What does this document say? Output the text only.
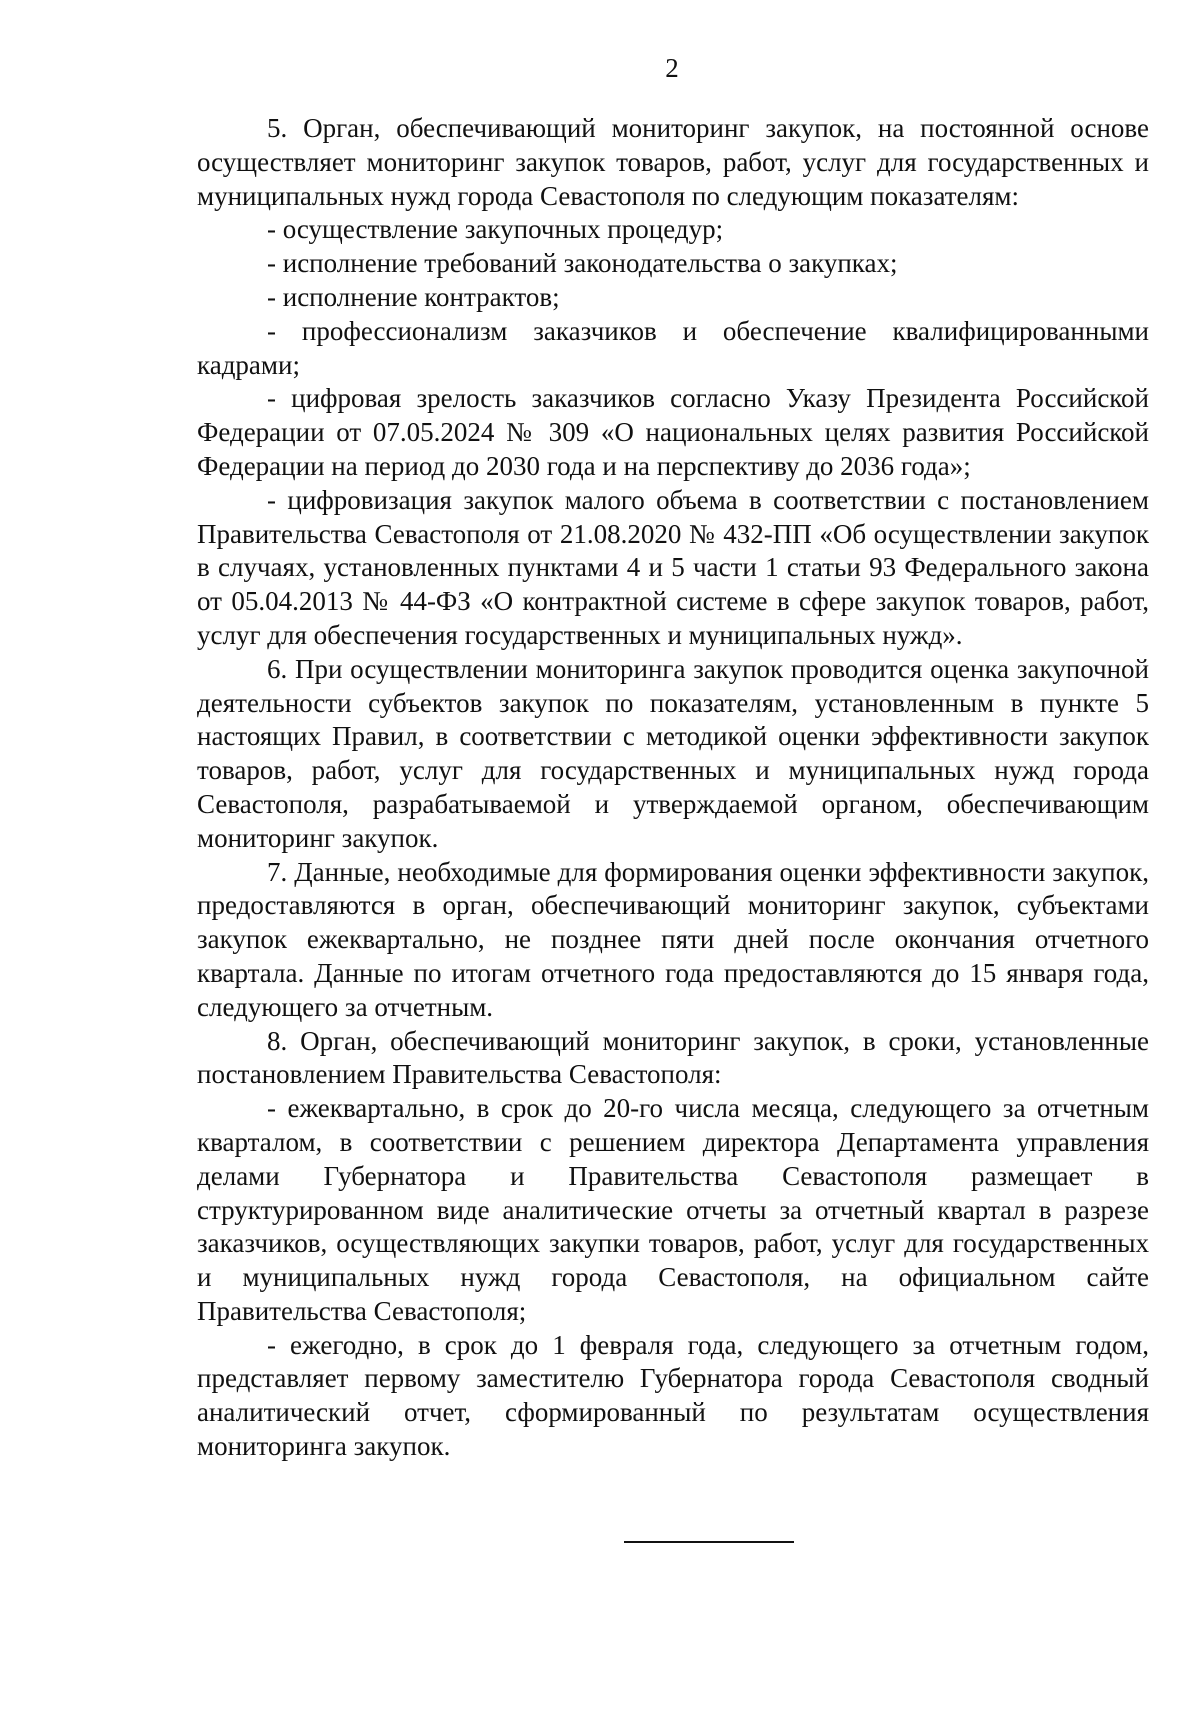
2

5. Орган, обеспечивающий мониторинг закупок, на постоянной основе осуществляет мониторинг закупок товаров, работ, услуг для государственных и муниципальных нужд города Севастополя по следующим показателям:

- осуществление закупочных процедур;

- исполнение требований законодательства о закупках;

- исполнение контрактов;

- профессионализм заказчиков и обеспечение квалифицированными кадрами;

- цифровая зрелость заказчиков согласно Указу Президента Российской Федерации от 07.05.2024 № 309 «О национальных целях развития Российской Федерации на период до 2030 года и на перспективу до 2036 года»;

- цифровизация закупок малого объема в соответствии с постановлением Правительства Севастополя от 21.08.2020 № 432-ПП «Об осуществлении закупок в случаях, установленных пунктами 4 и 5 части 1 статьи 93 Федерального закона от 05.04.2013 № 44-ФЗ «О контрактной системе в сфере закупок товаров, работ, услуг для обеспечения государственных и муниципальных нужд».

6. При осуществлении мониторинга закупок проводится оценка закупочной деятельности субъектов закупок по показателям, установленным в пункте 5 настоящих Правил, в соответствии с методикой оценки эффективности закупок товаров, работ, услуг для государственных и муниципальных нужд города Севастополя, разрабатываемой и утверждаемой органом, обеспечивающим мониторинг закупок.

7. Данные, необходимые для формирования оценки эффективности закупок, предоставляются в орган, обеспечивающий мониторинг закупок, субъектами закупок ежеквартально, не позднее пяти дней после окончания отчетного квартала. Данные по итогам отчетного года предоставляются до 15 января года, следующего за отчетным.

8. Орган, обеспечивающий мониторинг закупок, в сроки, установленные постановлением Правительства Севастополя:

- ежеквартально, в срок до 20-го числа месяца, следующего за отчетным кварталом, в соответствии с решением директора Департамента управления делами Губернатора и Правительства Севастополя размещает в структурированном виде аналитические отчеты за отчетный квартал в разрезе заказчиков, осуществляющих закупки товаров, работ, услуг для государственных и муниципальных нужд города Севастополя, на официальном сайте Правительства Севастополя;

- ежегодно, в срок до 1 февраля года, следующего за отчетным годом, представляет первому заместителю Губернатора города Севастополя сводный аналитический отчет, сформированный по результатам осуществления мониторинга закупок.
